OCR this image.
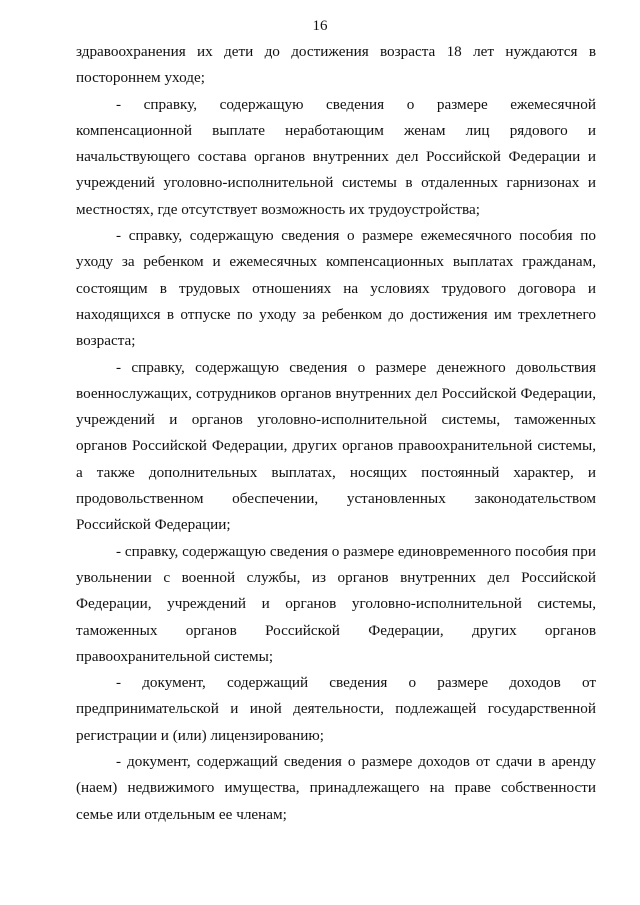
16

здравоохранения их дети до достижения возраста 18 лет нуждаются в постороннем уходе;

- справку, содержащую сведения о размере ежемесячной компенсационной выплате неработающим женам лиц рядового и начальствующего состава органов внутренних дел Российской Федерации и учреждений уголовно-исполнительной системы в отдаленных гарнизонах и местностях, где отсутствует возможность их трудоустройства;

- справку, содержащую сведения о размере ежемесячного пособия по уходу за ребенком и ежемесячных компенсационных выплатах гражданам, состоящим в трудовых отношениях на условиях трудового договора и находящихся в отпуске по уходу за ребенком до достижения им трехлетнего возраста;

- справку, содержащую сведения о размере денежного довольствия военнослужащих, сотрудников органов внутренних дел Российской Федерации, учреждений и органов уголовно-исполнительной системы, таможенных органов Российской Федерации, других органов правоохранительной системы, а также дополнительных выплатах, носящих постоянный характер, и продовольственном обеспечении, установленных законодательством Российской Федерации;

- справку, содержащую сведения о размере единовременного пособия при увольнении с военной службы, из органов внутренних дел Российской Федерации, учреждений и органов уголовно-исполнительной системы, таможенных органов Российской Федерации, других органов правоохранительной системы;

- документ, содержащий сведения о размере доходов от предпринимательской и иной деятельности, подлежащей государственной регистрации и (или) лицензированию;

- документ, содержащий сведения о размере доходов от сдачи в аренду (наем) недвижимого имущества, принадлежащего на праве собственности семье или отдельным ее членам;
